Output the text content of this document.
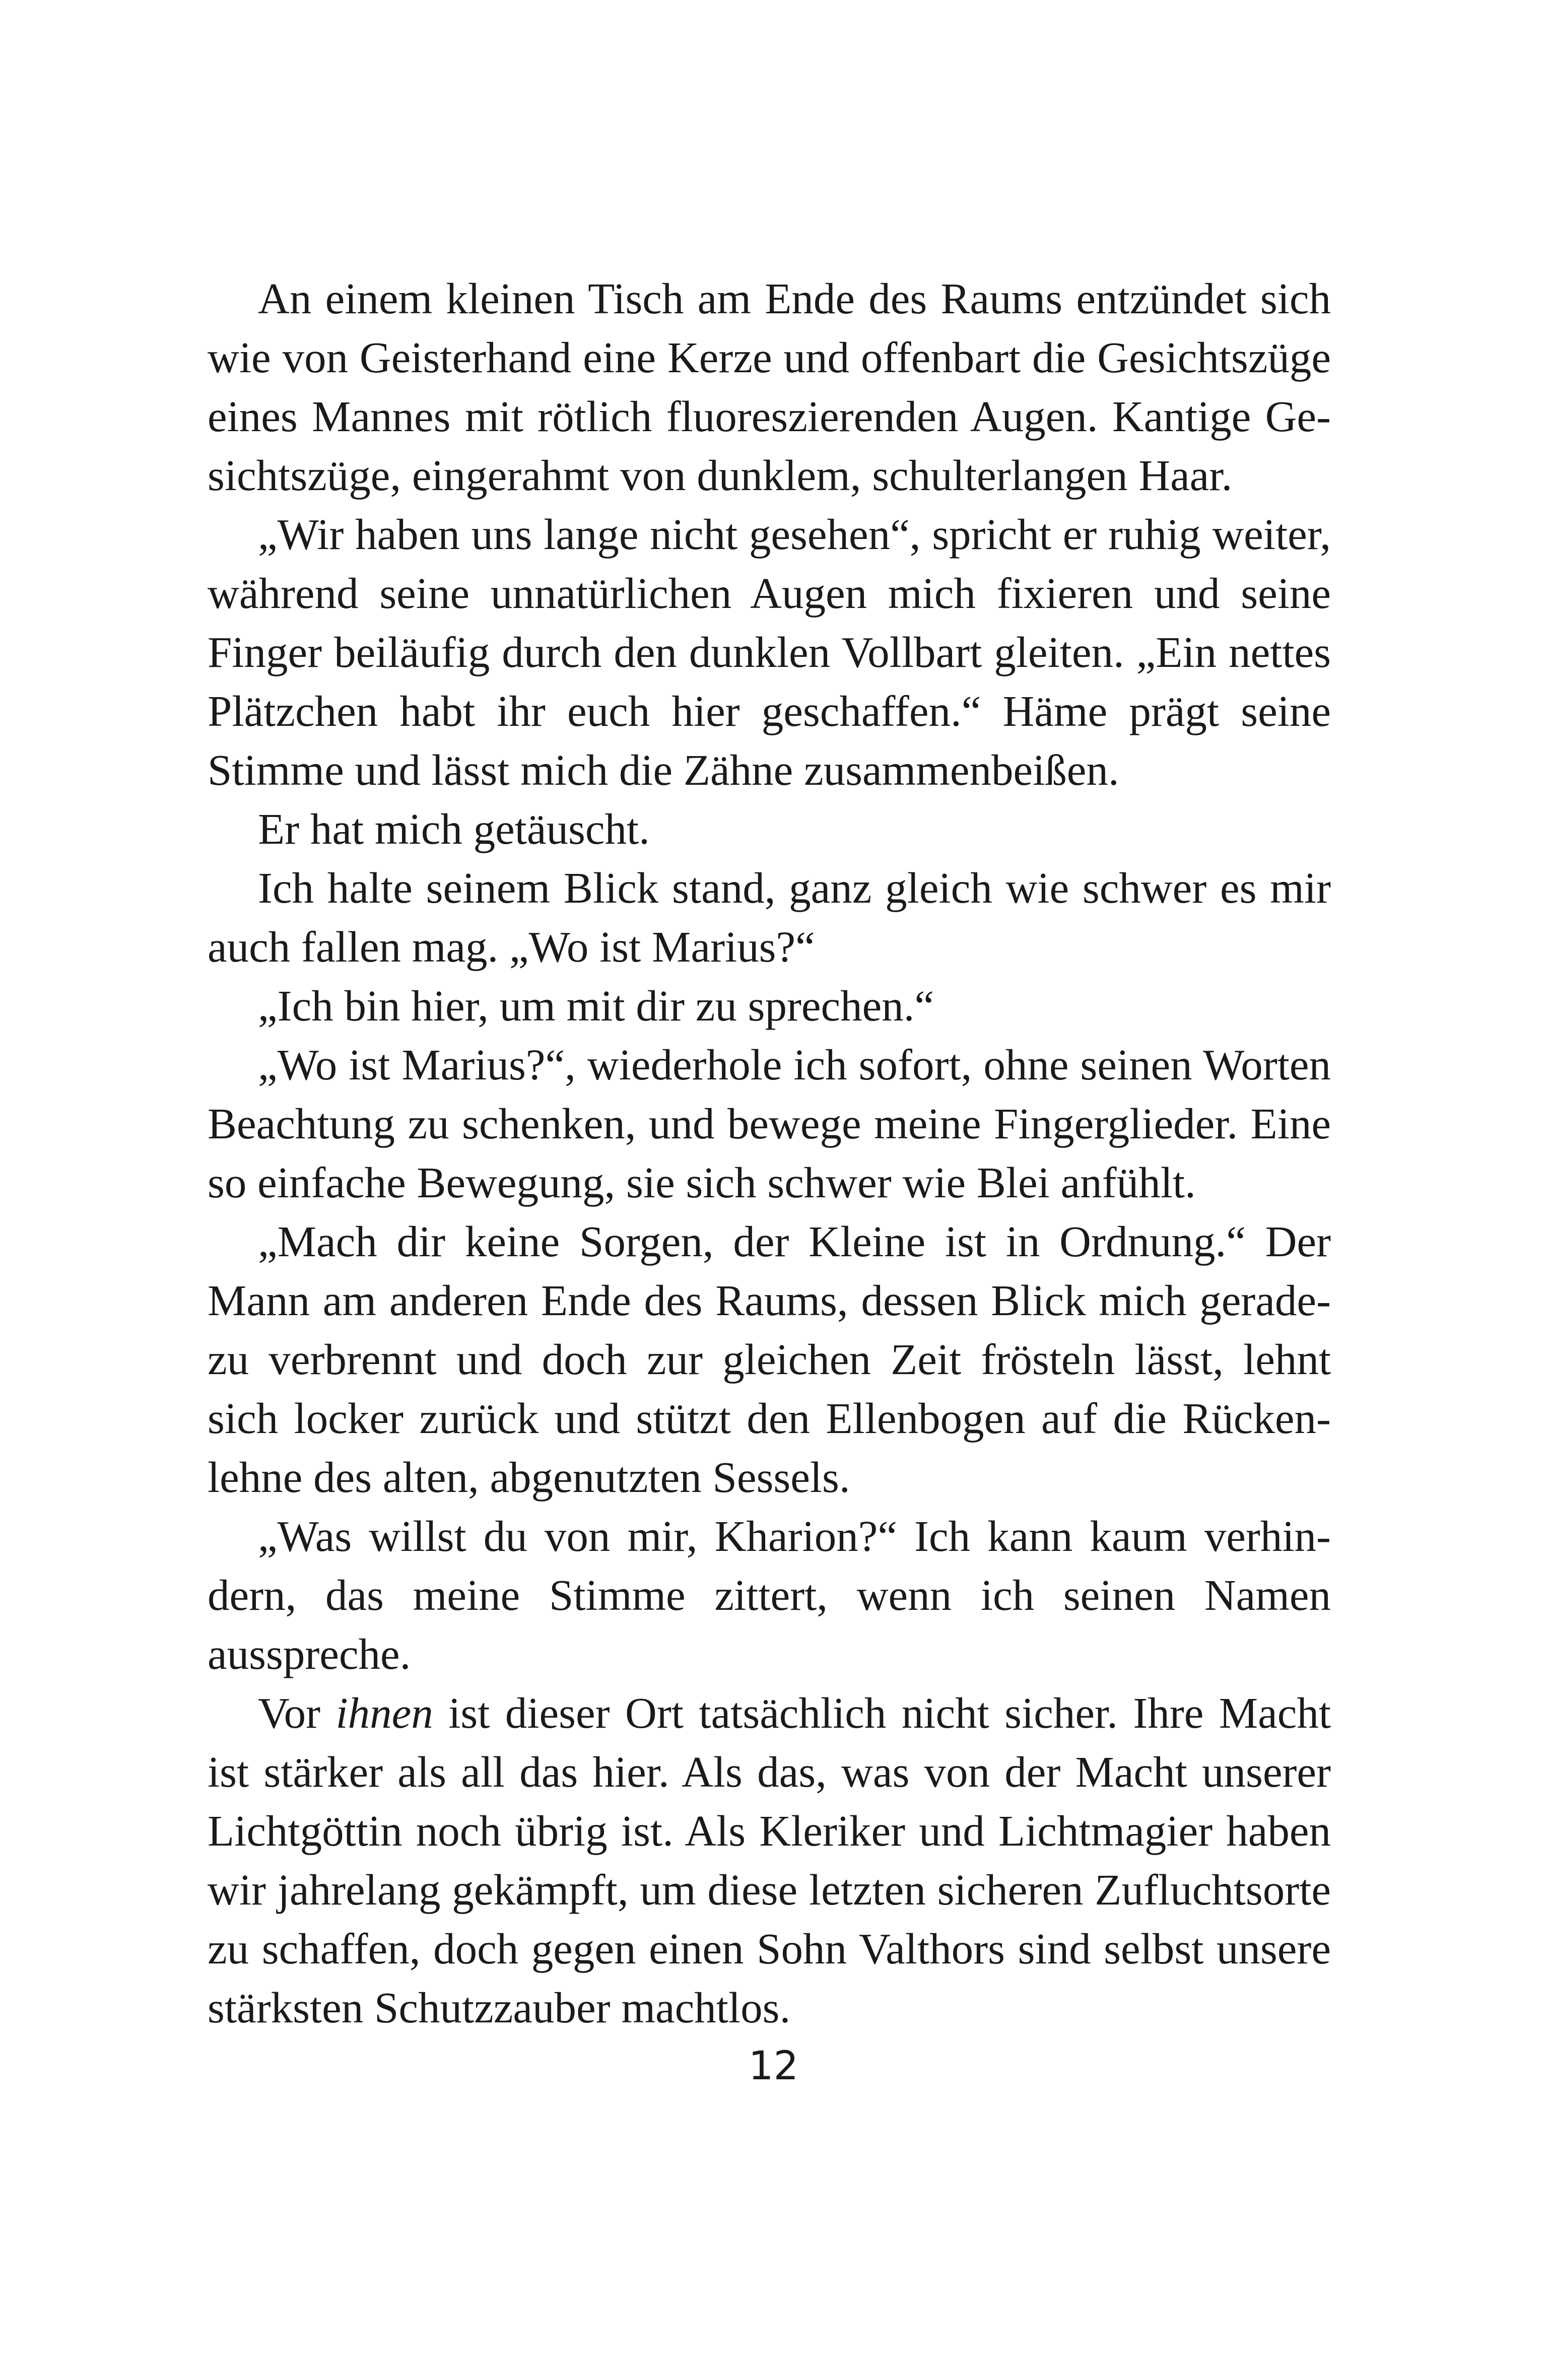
An einem kleinen Tisch am Ende des Raums entzündet sich wie von Geisterhand eine Kerze und offenbart die Gesichtszüge eines Mannes mit rötlich fluoreszierenden Augen. Kantige Gesichtszüge, eingerahmt von dunklem, schulterlangen Haar.

„Wir haben uns lange nicht gesehen“, spricht er ruhig weiter, während seine unnatürlichen Augen mich fixieren und seine Finger beiläufig durch den dunklen Vollbart gleiten. „Ein nettes Plätzchen habt ihr euch hier geschaffen.“ Häme prägt seine Stimme und lässt mich die Zähne zusammenbeißen.

Er hat mich getäuscht.

Ich halte seinem Blick stand, ganz gleich wie schwer es mir auch fallen mag. „Wo ist Marius?“

„Ich bin hier, um mit dir zu sprechen.“

„Wo ist Marius?“, wiederhole ich sofort, ohne seinen Worten Beachtung zu schenken, und bewege meine Fingerglieder. Eine so einfache Bewegung, sie sich schwer wie Blei anfühlt.

„Mach dir keine Sorgen, der Kleine ist in Ordnung.“ Der Mann am anderen Ende des Raums, dessen Blick mich geradezu verbrennt und doch zur gleichen Zeit frösteln lässt, lehnt sich locker zurück und stützt den Ellenbogen auf die Rückenlehne des alten, abgenutzten Sessels.

„Was willst du von mir, Kharion?“ Ich kann kaum verhindern, das meine Stimme zittert, wenn ich seinen Namen ausspreche.

Vor ihnen ist dieser Ort tatsächlich nicht sicher. Ihre Macht ist stärker als all das hier. Als das, was von der Macht unserer Lichtgöttin noch übrig ist. Als Kleriker und Lichtmagier haben wir jahrelang gekämpft, um diese letzten sicheren Zufluchtsorte zu schaffen, doch gegen einen Sohn Valthors sind selbst unsere stärksten Schutzzauber machtlos.

12
